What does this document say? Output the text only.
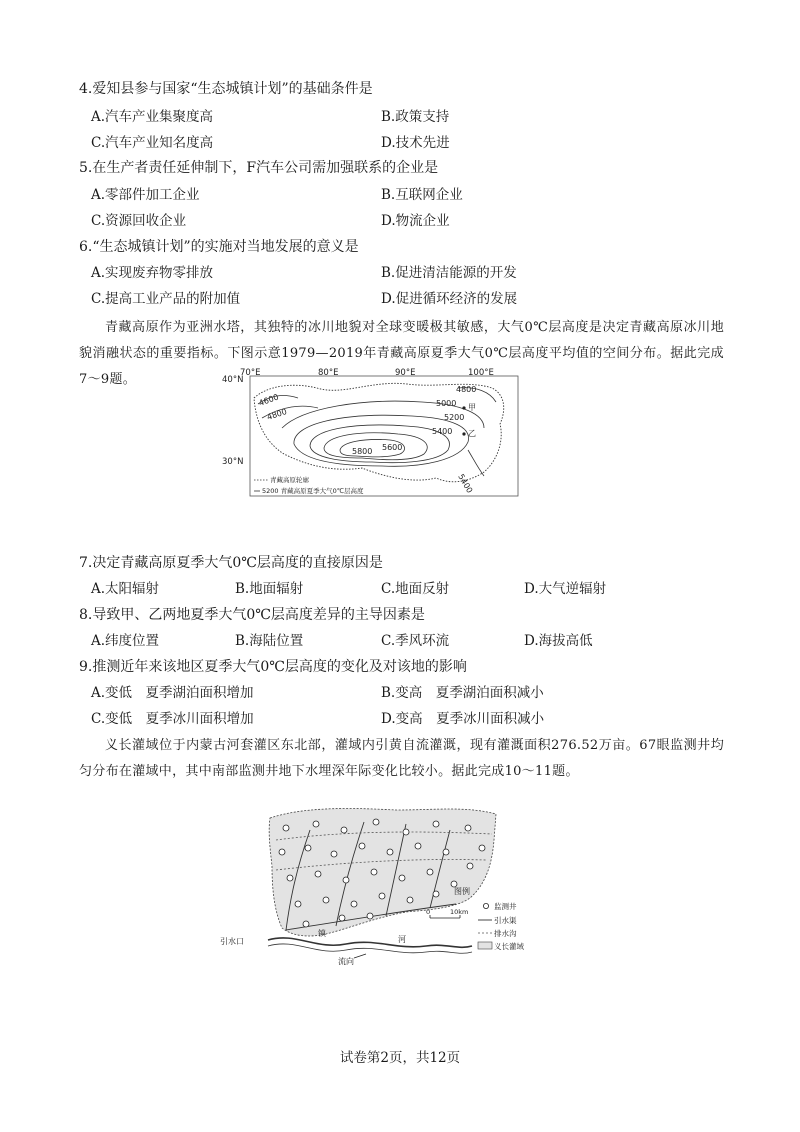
4.爱知县参与国家“生态城镇计划”的基础条件是
A.汽车产业集聚度高	B.政策支持
C.汽车产业知名度高	D.技术先进
5.在生产者责任延伸制下，F汽车公司需加强联系的企业是
A.零部件加工企业	B.互联网企业
C.资源回收企业	D.物流企业
6.“生态城镇计划”的实施对当地发展的意义是
A.实现废弃物零排放	B.促进清洁能源的开发
C.提高工业产品的附加值	D.促进循环经济的发展
青藏高原作为亚洲水塔，其独特的冰川地貌对全球变暖极其敏感，大气0℃层高度是决定青藏高原冰川地貌消融状态的重要指标。下图示意1979—2019年青藏高原夏季大气0℃层高度平均值的空间分布。据此完成7～9题。	70°E	80°E	90°E	100°E
40°N
30°N
4600
4800
5000
5200
5400
5600
5800
4800
5400
甲
乙
青藏高原轮廓
5200 青藏高原夏季大气0℃层高度
7.决定青藏高原夏季大气0℃层高度的直接原因是
A.太阳辐射	B.地面辐射	C.地面反射	D.大气逆辐射
8.导致甲、乙两地夏季大气0℃层高度差异的主导因素是
A.纬度位置	B.海陆位置	C.季风环流	D.海拔高低
9.推测近年来该地区夏季大气0℃层高度的变化及对该地的影响
A.变低　夏季湖泊面积增加	B.变高　夏季湖泊面积减小
C.变低　夏季冰川面积增加	D.变高　夏季冰川面积减小
义长灌域位于内蒙古河套灌区东北部，灌域内引黄自流灌溉，现有灌溉面积276.52万亩。67眼监测井均匀分布在灌域中，其中南部监测井地下水埋深年际变化比较小。据此完成10～11题。
引水口
镇
河
流向
图例
监测井
引水渠
排水沟
义长灌域
0	10km
试卷第2页，共12页
